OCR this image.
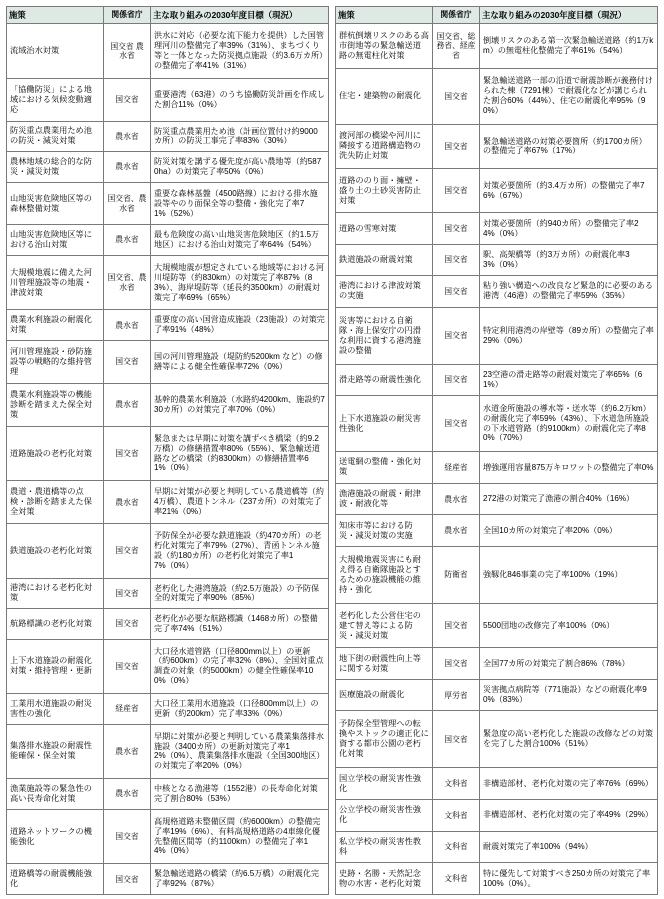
施策	関係省庁	主な取り組みの2030年度目標（現況）
流域治水対策	国交省 農水省	洪水に対応（必要な流下能力を提供）した国管理河川の整備完了率39%（31%）、まちづくり等と一体となった防災拠点施設（約3.6万カ所）の整備完了率41%（31%）
「協働防災」による地域における気候変動適応	国交省	重要港湾（63港）のうち協働防災計画を作成した割合11%（0%）
防災重点農業用ため池の防災・減災対策	農水省	防災重点農業用ため池（計画位置付け約9000カ所）の防災工事完了率83%（30%）
農林地域の総合的な防災・減災対策	農水省	防災対策を講ずる優先度が高い農地等（約5870ha）の対策完了率50%（0%）
山地災害危険地区等の森林整備対策	国交省、農水省	重要な森林基盤（4500路線）における排水施設等やのり面保全等の整備・強化完了率71%（52%）
山地災害危険地区等における治山対策	農水省	最も危険度の高い山地災害危険地区（約1.5万地区）における治山対策完了率64%（54%）
大規模地震に備えた河川管理施設等の地震・津波対策	国交省、農水省	大規模地震が想定されている地域等における河川堤防等（約830km）の対策完了率87%（83%）、海岸堤防等（延長約3500km）の耐震対策完了率69%（65%）
農業水利施設の耐震化対策	農水省	重要度の高い国営造成施設（23施設）の対策完了率91%（48%）
河川管理施設・砂防施設等の戦略的な維持管理	国交省	国の河川管理施設（堤防約5200km など）の修繕等による健全性確保率72%（0%）
農業水利施設等の機能診断を踏まえた保全対策	農水省	基幹的農業水利施設（水路約4200km、施設約730カ所）の対策完了率70%（0%）
道路施設の老朽化対策	国交省	緊急または早期に対策を講ずべき橋梁（約9.2万橋）の修繕措置率80%（55%）、緊急輸送道路などの橋梁（約8300km）の修繕措置率61%（0%）
農道・農道橋等の点検・診断を踏まえた保全対策	農水省	早期に対策が必要と判明している農道橋等（約4万橋）、農道トンネル（237カ所）の対策完了率21%（0%）
鉄道施設の老朽化対策	国交省	予防保全が必要な鉄道施設（約470カ所）の老朽化対策完了率79%（27%）、青函トンネル施設（約180カ所）の老朽化対策完了率17%（0%）
港湾における老朽化対策	国交省	老朽化した港湾施設（約2.5万施設）の予防保全的対策完了率90%（85%）
航路標識の老朽化対策	国交省	老朽化が必要な航路標識（1468カ所）の整備完了率74%（51%）
上下水道施設の耐震化対策・維持管理・更新	国交省	大口径水道管路（口径800mm以上）の更新（約600km）の完了率32%（8%）、全国対重点調査の対象（約5000km）の健全性確保率100%（0%）
工業用水道施設の耐災害性の強化	経産省	大口径工業用水道施設（口径800mm以上）の更新（約200km）完了率33%（0%）
集落排水施設の耐震性能確保・保全対策	農水省	早期に対策が必要と判明している農業集落排水施設（3400カ所）の更新対策完了率12%（0%）、農業集落排水施設（全国300地区）の対策完了率20%（0%）
漁業施設等の緊急性の高い長寿命化対策	農水省	中核となる漁港等（1552港）の長寿命化対策完了割合80%（53%）
道路ネットワークの機能強化	国交省	高規格道路未整備区間（約6000km）の整備完了率19%（6%）、有料高規格道路の4車線化優先整備区間等（約1100km）の整備完了率14%（0%）
道路橋等の耐震機能強化	国交省	緊急輸送道路の橋梁（約6.5万橋）の耐震化完了率92%（87%）
施策	関係省庁	主な取り組みの2030年度目標（現況）
群杭倒壊リスクのある高市街地等の緊急輸送道路の無電柱化対策	国交省、総務省、経産省	倒壊リスクのある第一次緊急輸送道路（約1万km）の無電柱化整備完了率61%（54%）
住宅・建築物の耐震化	国交省	緊急輸送道路一部の沿道で耐震診断が義務付けられた棟（7291棟）で耐震化などが講じられた割合60%（44%）、住宅の耐震化率95%（90%）
渡河部の橋梁や河川に隣接する道路構造物の洗失防止対策	国交省	緊急輸送道路の対策必要箇所（約1700カ所）の整備完了率67%（17%）
道路ののり面・擁壁・盛り土の土砂災害防止対策	国交省	対策必要箇所（約3.4万カ所）の整備完了率76%（67%）
道路の雪寒対策	国交省	対策必要箇所（約940カ所）の整備完了率24%（0%）
鉄道施設の耐震対策	国交省	駅、高架橋等（約3万カ所）の耐震化率33%（0%）
港湾における津波対策の実施	国交省	粘り強い構造への改良など緊急的に必要のある港湾（46港）の整備完了率59%（35%）
災害等における自衛隊・海上保安庁の円滑な利用に資する港湾施設の整備	国交省	特定利用港湾の岸壁等（89カ所）の整備完了率29%（0%）
滑走路等の耐震性強化	国交省	23空港の滑走路等の耐震対策完了率65%（61%）
上下水道施設の耐災害性強化	国交省	水道金所施設の導水等・送水等（約6.2万km）の耐震化完了率59%（43%）、下水道急所施設の下水道管路（約9100km）の耐震化完了率80%（70%）
送電網の整備・強化対策	経産省	増強運用容量875万キロワットの整備完了率0%
漁港施設の耐震・耐津波・耐液化等	農水省	272港の対策完了漁港の割合40%（16%）
知床市等における防災・減災対策の実施	農水省	全国10カ所の対策完了率20%（0%）
大規模地震災害にも耐え得る自衛隊施設とするための施設機能の維持・強化	防衛省	強靱化846事業の完了率100%（19%）
老朽化した公営住宅の建て替え等による防災・減災対策	国交省	5500団地の改修完了率100%（0%）
地下街の耐震性向上等に関する対策	国交省	全国77カ所の対策完了割合86%（78%）
医療施設の耐震化	厚労省	災害拠点病院等（771施設）などの耐震化率90%（83%）
予防保全型管理への転換やストックの適正化に資する都市公園の老朽化対策	国交省	緊急度の高い老朽化した施設の改修などの対策を完了した割合100%（51%）
国立学校の耐災害性強化	文科省	非構造部材、老朽化対策の完了率76%（69%）
公立学校の耐災害性強化	文科省	非構造部材、老朽化対策の完了率49%（29%）
私立学校の耐災害性教科	文科省	耐震対策完了率100%（94%）
史跡・名勝・天然記念物の水害・老朽化対策	文科省	特に優先して対策すべき250カ所の対策完了率100%（0%）。
